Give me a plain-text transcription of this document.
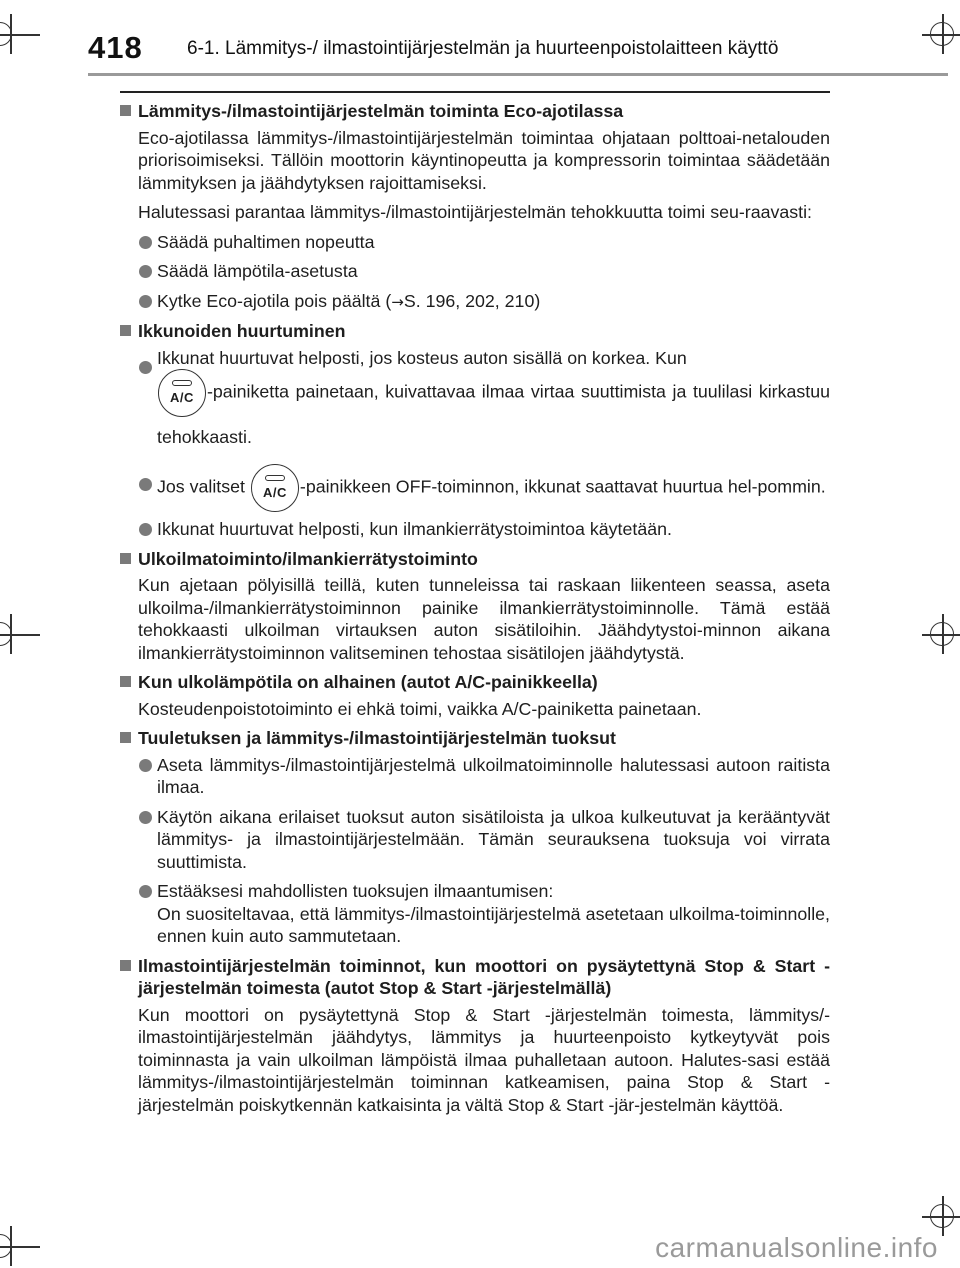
418 6-1. Lämmitys-/ ilmastointijärjestelmän ja huurteenpoistolaitteen käyttö
Lämmitys-/ilmastointijärjestelmän toiminta Eco-ajotilassa

Eco-ajotilassa lämmitys-/ilmastointijärjestelmän toimintaa ohjataan polttoai-netalouden priorisoimiseksi. Tällöin moottorin käyntinopeutta ja kompressorin toimintaa säädetään lämmityksen ja jäähdytyksen rajoittamiseksi.

Halutessasi parantaa lämmitys-/ilmastointijärjestelmän tehokkuutta toimi seu-raavasti:

Säädä puhaltimen nopeutta
Säädä lämpötila-asetusta
Kytke Eco-ajotila pois päältä (→S. 196, 202, 210)
Ikkunoiden huurtuminen
Ikkunat huurtuvat helposti, jos kosteus auton sisällä on korkea. Kun
A/C -painiketta painetaan, kuivattavaa ilmaa virtaa suuttimista ja tuulilasi kirkastuu tehokkaasti.
Jos valitset	A/C -painikkeen OFF-toiminnon, ikkunat saattavat huurtua hel-pommin.
Ikkunat huurtuvat helposti, kun ilmankierrätystoimintoa käytetään.
Ulkoilmatoiminto/ilmankierrätystoiminto

Kun ajetaan pölyisillä teillä, kuten tunneleissa tai raskaan liikenteen seassa, aseta ulkoilma-/ilmankierrätystoiminnon painike ilmankierrätystoiminnolle. Tämä estää tehokkaasti ulkoilman virtauksen auton sisätiloihin. Jäähdytystoi-minnon aikana ilmankierrätystoiminnon valitseminen tehostaa sisätilojen jäähdytystä.

Kun ulkolämpötila on alhainen (autot A/C-painikkeella)

Kosteudenpoistotoiminto ei ehkä toimi, vaikka A/C-painiketta painetaan.

Tuuletuksen ja lämmitys-/ilmastointijärjestelmän tuoksut
Aseta lämmitys-/ilmastointijärjestelmä ulkoilmatoiminnolle halutessasi autoon raitista ilmaa.
Käytön aikana erilaiset tuoksut auton sisätiloista ja ulkoa kulkeutuvat ja kerääntyvät lämmitys- ja ilmastointijärjestelmään. Tämän seurauksena tuoksuja voi virrata suuttimista.
Estääksesi mahdollisten tuoksujen ilmaantumisen:
On suositeltavaa, että lämmitys-/ilmastointijärjestelmä asetetaan ulkoilma-toiminnolle, ennen kuin auto sammutetaan.
Ilmastointijärjestelmän toiminnot, kun moottori on pysäytettynä Stop & Start -järjestelmän toimesta (autot Stop & Start -järjestelmällä)

Kun moottori on pysäytettynä Stop & Start -järjestelmän toimesta, lämmitys/-ilmastointijärjestelmän jäähdytys, lämmitys ja huurteenpoisto kytkeytyvät pois toiminnasta ja vain ulkoilman lämpöistä ilmaa puhalletaan autoon. Halutes-sasi estää lämmitys-/ilmastointijärjestelmän toiminnan katkeamisen, paina Stop & Start -järjestelmän poiskytkennän katkaisinta ja vältä Stop & Start -jär-jestelmän käyttöä.

carmanualsonline.info
